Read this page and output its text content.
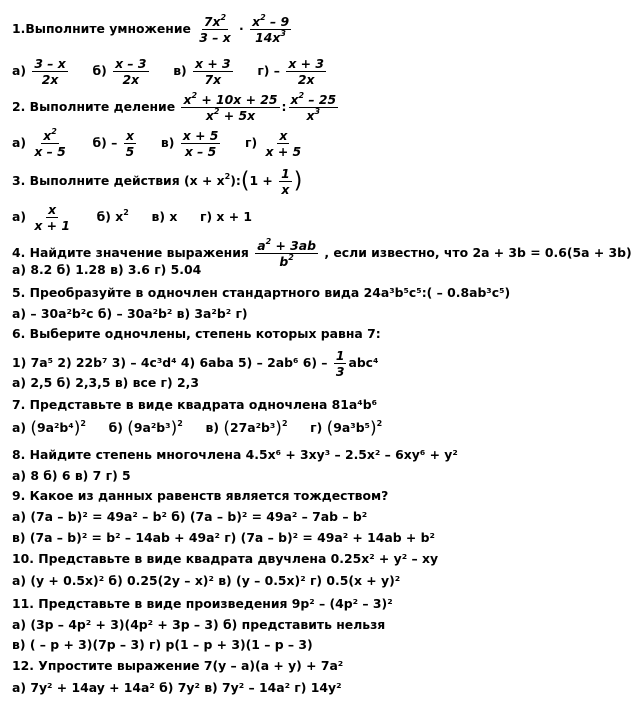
1.Выполните умножение $\frac{7x^2}{3 - x} \cdot \frac{x^2 - 9}{14x^3}$
$а) \frac{3 - x}{2x} б) \frac{x - 3}{2x} в) \frac{x + 3}{7x} г) - \frac{x + 3}{2x}$
2. Выполните деление $\frac{x^2 + 10x + 25}{x^2 + 5x}$ : $\frac{x^2 - 25}{x^3}$
$а) \frac{x^2}{x - 5} б) - \frac{x}{5} в) \frac{x + 5}{x - 5} г) \frac{x}{x + 5}$
3. Выполните действия $(x + x^2):(1 + \frac{1}{x}$ )
$а) \frac{x}{x + 1} б$) $x^2$ в) x г) x + 1
4. Найдите значение выражения $\frac{a^2 + 3ab}{b^2}$ , если известно, что 2a + 3b = 0.6(5a + 3b)
а) 8.2 б) 1.28 в) 3.6 г) 5.04
5. Преобразуйте в одночлен стандартного вида 24a³b⁵c⁵:( – 0.8ab³c⁵)
а) – 30a²b²c б) – 30a²b² в) 3a²b² г)
6. Выберите одночлены, степень которых равна 7:
1) 7a⁵ 2) 22b⁷ 3) – 4c³d⁴ 4) 6aba 5) – 2ab⁶ $6) - \frac{1}{3} abc^4$
а) 2,5 б) 2,3,5 в) все г) 2,3
7. Представьте в виде квадрата одночлена 81a⁴b⁶
а) $(9a^2b^4)^2$ б) $(9a^2b^3)^2$ в) $(27a^2b^3)^2$ г) $(9a^3b^5)^2$
8. Найдите степень многочлена 4.5x⁶ + 3xy³ – 2.5x² – 6xy⁶ + y²
а) 8 б) 6 в) 7 г) 5
9. Какое из данных равенств является тождеством?
а) (7a – b)² = 49a² – b² б) (7a – b)² = 49a² – 7ab – b²
в) (7a – b)² = b² – 14ab + 49a² г) (7a – b)² = 49a² + 14ab + b²
10. Представьте в виде квадрата двучлена 0.25x² + y² – xy
а) (y + 0.5x)² б) 0.25(2y – x)² в) (y – 0.5x)² г) 0.5(x + y)²
11. Представьте в виде произведения 9p² – (4p² – 3)²
а) (3p – 4p² + 3)(4p² + 3p – 3) б) представить нельзя
в) ( – p + 3)(7p – 3) г) p(1 – p + 3)(1 – p – 3)
12. Упростите выражение 7(y – a)(a + y) + 7a²
а) 7y² + 14ay + 14a² б) 7y² в) 7y² – 14a² г) 14y²
